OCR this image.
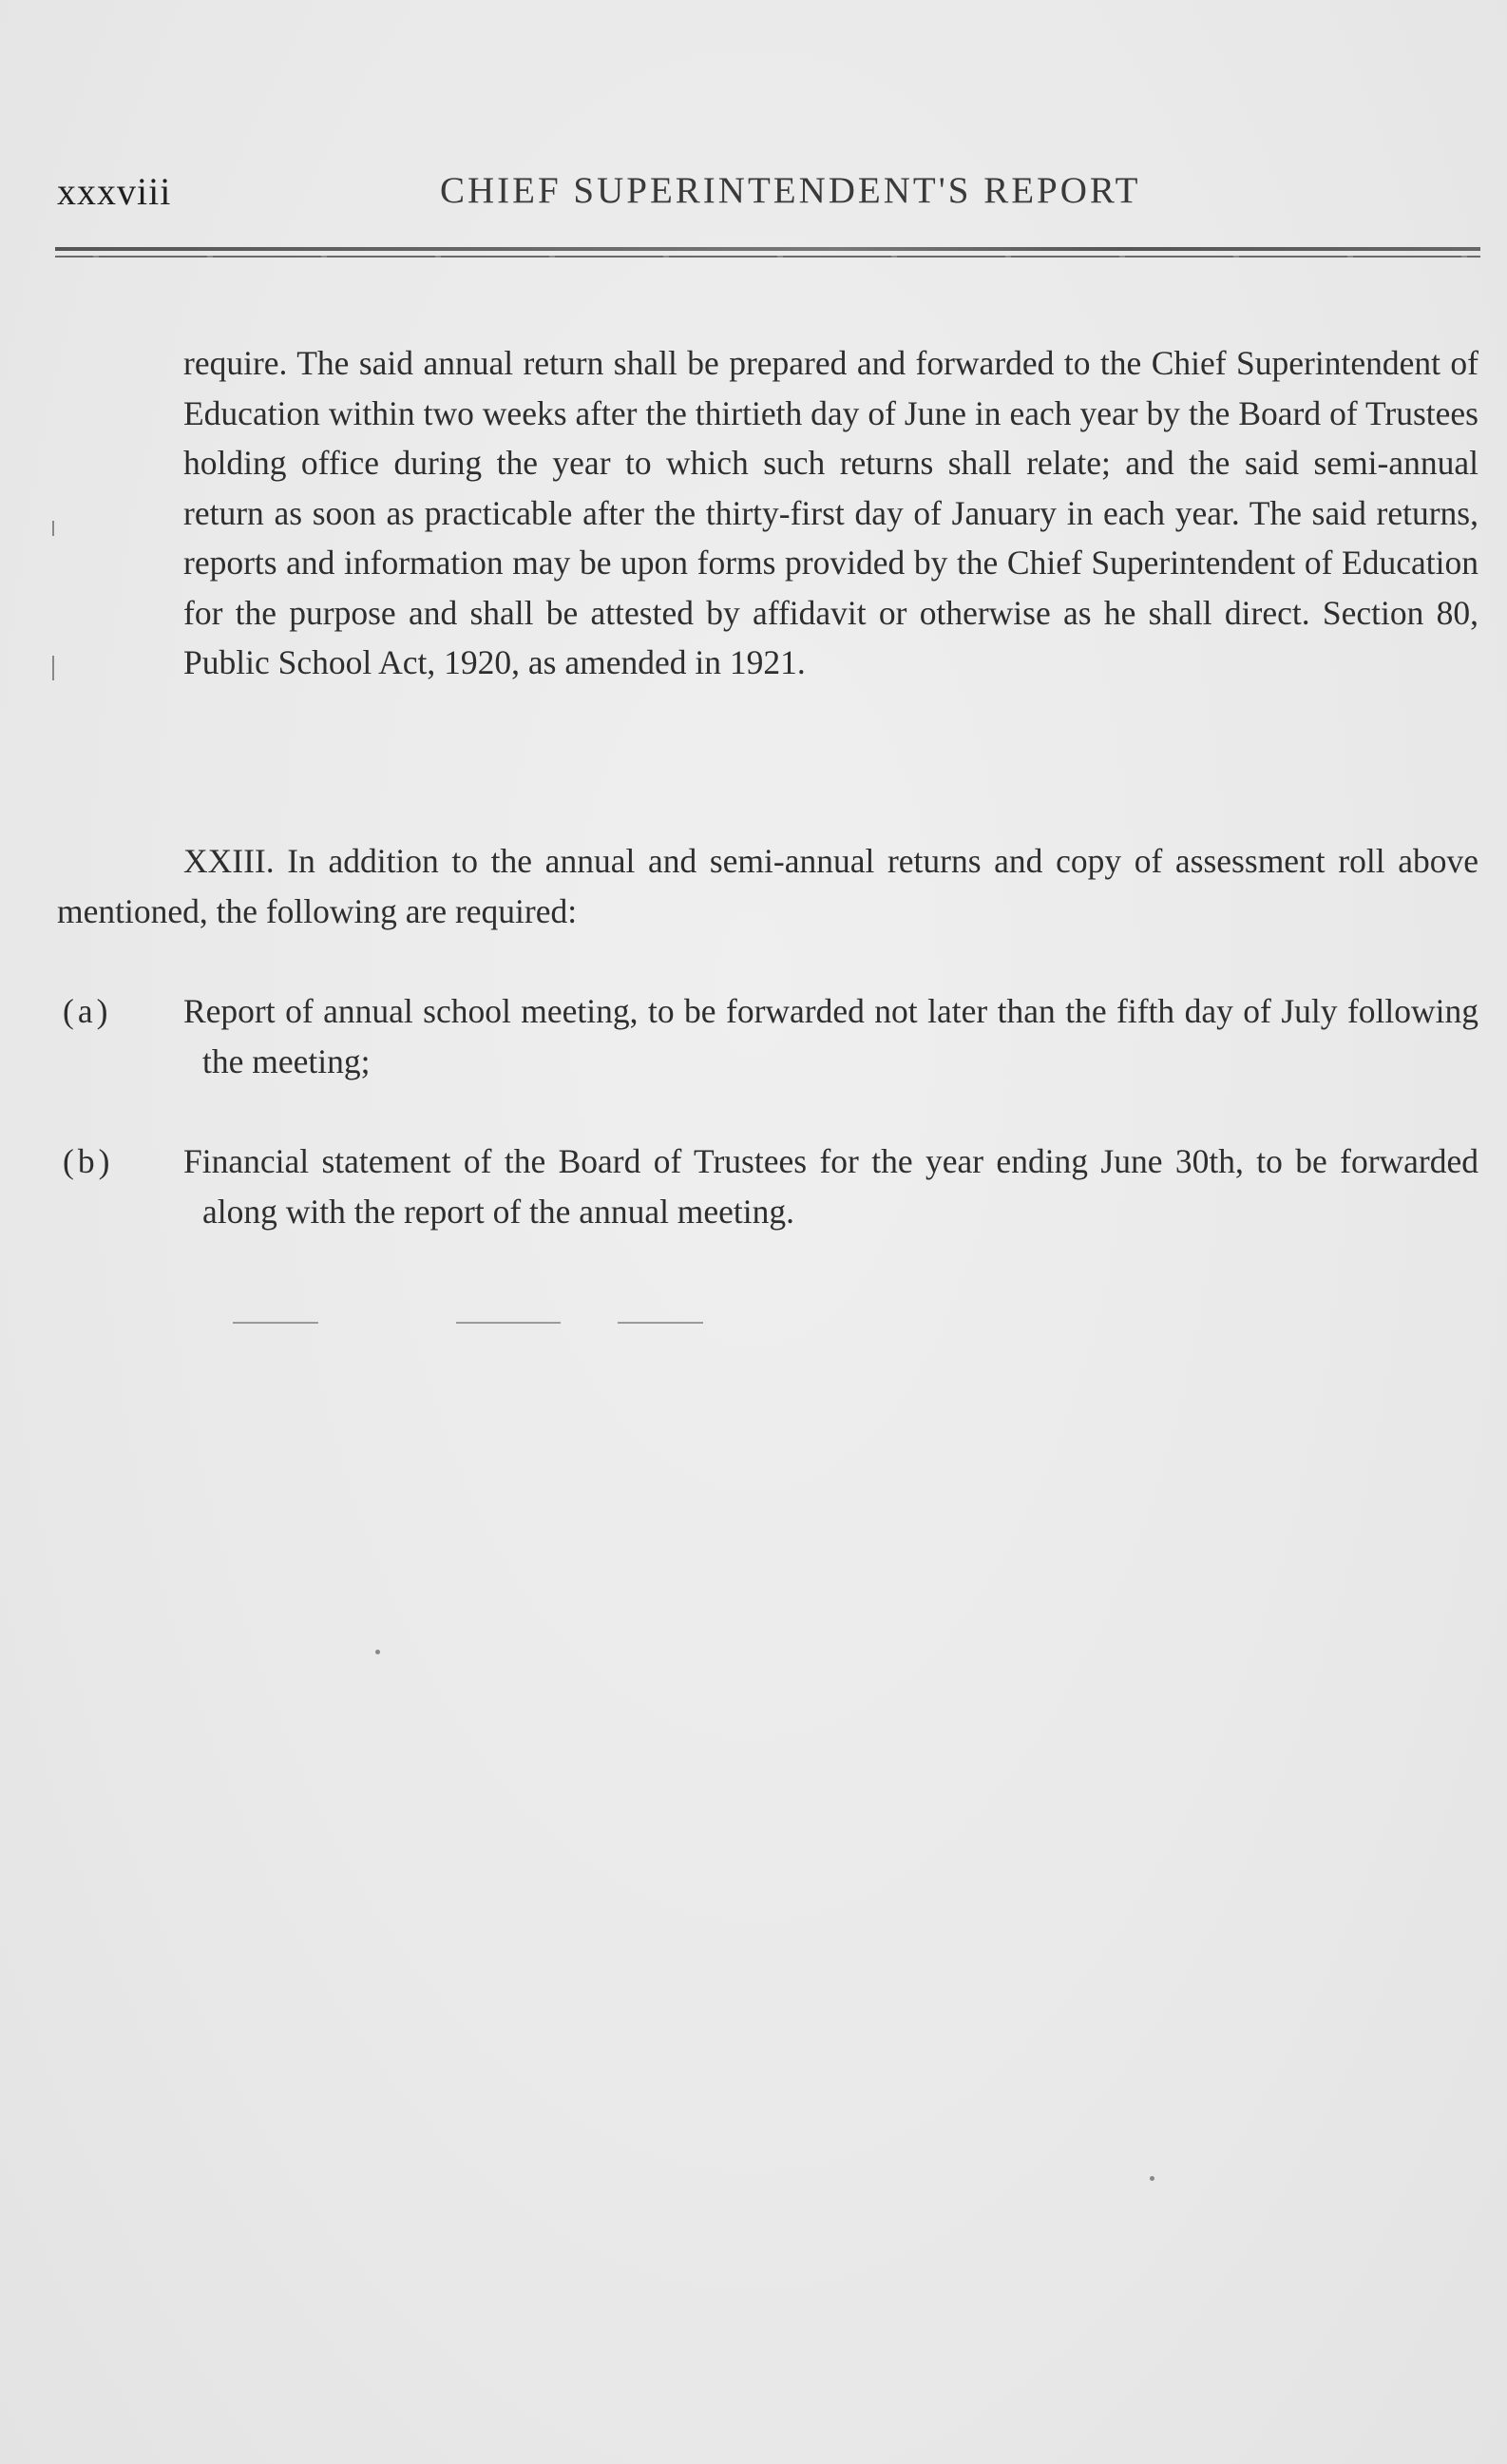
xxxviii	CHIEF SUPERINTENDENT'S REPORT
require. The said annual return shall be prepared and forwarded to the Chief Superintendent of Education within two weeks after the thirtieth day of June in each year by the Board of Trustees holding office during the year to which such returns shall relate; and the said semi-annual return as soon as practicable after the thirty-first day of January in each year. The said returns, reports and information may be upon forms provided by the Chief Superintendent of Education for the purpose and shall be attested by affidavit or otherwise as he shall direct. Section 80, Public School Act, 1920, as amended in 1921.
XXIII. In addition to the annual and semi-annual returns and copy of assessment roll above mentioned, the following are required:
(a) Report of annual school meeting, to be forwarded not later than the fifth day of July following the meeting;
(b) Financial statement of the Board of Trustees for the year ending June 30th, to be forwarded along with the report of the annual meeting.
